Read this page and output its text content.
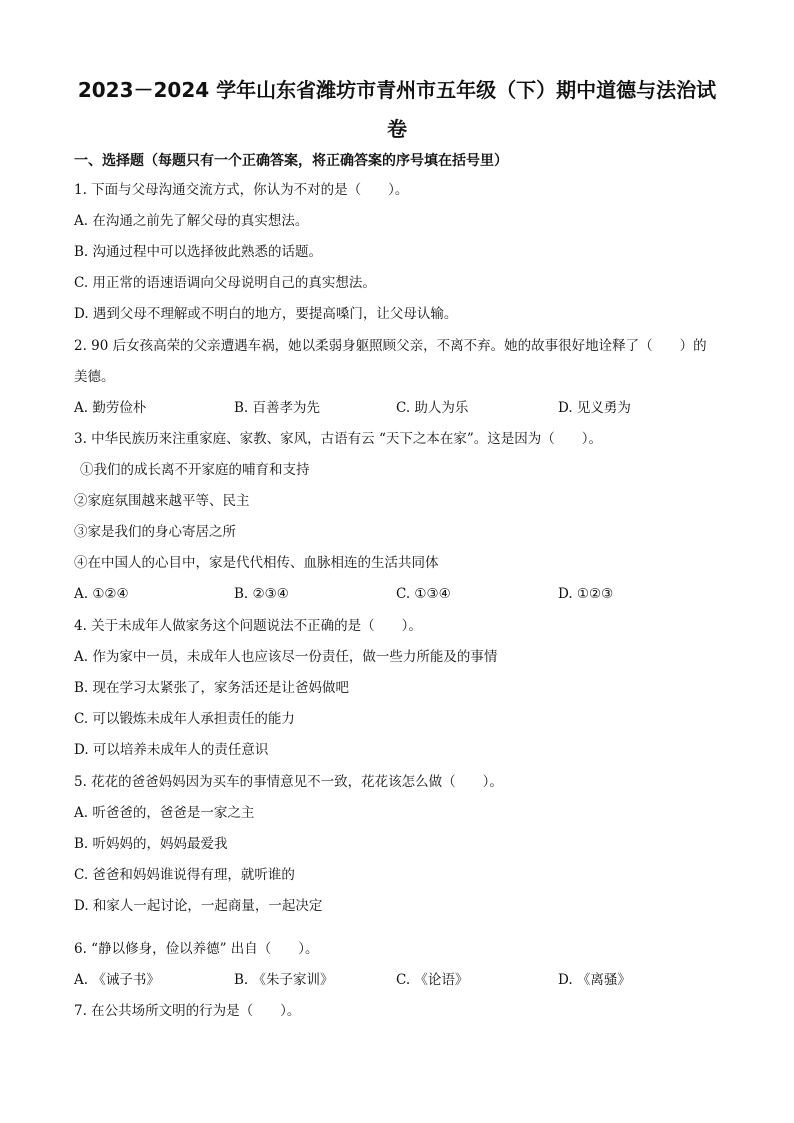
2023－2024 学年山东省潍坊市青州市五年级（下）期中道德与法治试
卷
一、选择题（每题只有一个正确答案，将正确答案的序号填在括号里）
1. 下面与父母沟通交流方式，你认为不对的是（　　）。
A. 在沟通之前先了解父母的真实想法。
B. 沟通过程中可以选择彼此熟悉的话题。
C. 用正常的语速语调向父母说明自己的真实想法。
D. 遇到父母不理解或不明白的地方，要提高嗓门，让父母认输。
2. 90 后女孩高荣的父亲遭遇车祸，她以柔弱身躯照顾父亲，不离不弃。她的故事很好地诠释了（　　）的
美德。
A. 勤劳俭朴	B. 百善孝为先	C. 助人为乐	D. 见义勇为
3. 中华民族历来注重家庭、家教、家风，古语有云 “天下之本在家”。这是因为（　　）。
①我们的成长离不开家庭的哺育和支持
②家庭氛围越来越平等、民主
③家是我们的身心寄居之所
④在中国人的心目中，家是代代相传、血脉相连的生活共同体
A. ①②④	B. ②③④	C. ①③④	D. ①②③
4. 关于未成年人做家务这个问题说法不正确的是（　　）。
A. 作为家中一员，未成年人也应该尽一份责任，做一些力所能及的事情
B. 现在学习太紧张了，家务活还是让爸妈做吧
C. 可以锻炼未成年人承担责任的能力
D. 可以培养未成年人的责任意识
5. 花花的爸爸妈妈因为买车的事情意见不一致，花花该怎么做（　　）。
A. 听爸爸的，爸爸是一家之主
B. 听妈妈的，妈妈最爱我
C. 爸爸和妈妈谁说得有理，就听谁的
D. 和家人一起讨论，一起商量，一起决定
6. “静以修身，俭以养德” 出自（　　）。
A. 《诫子书》	B. 《朱子家训》	C. 《论语》	D. 《离骚》
7. 在公共场所文明的行为是（　　）。
